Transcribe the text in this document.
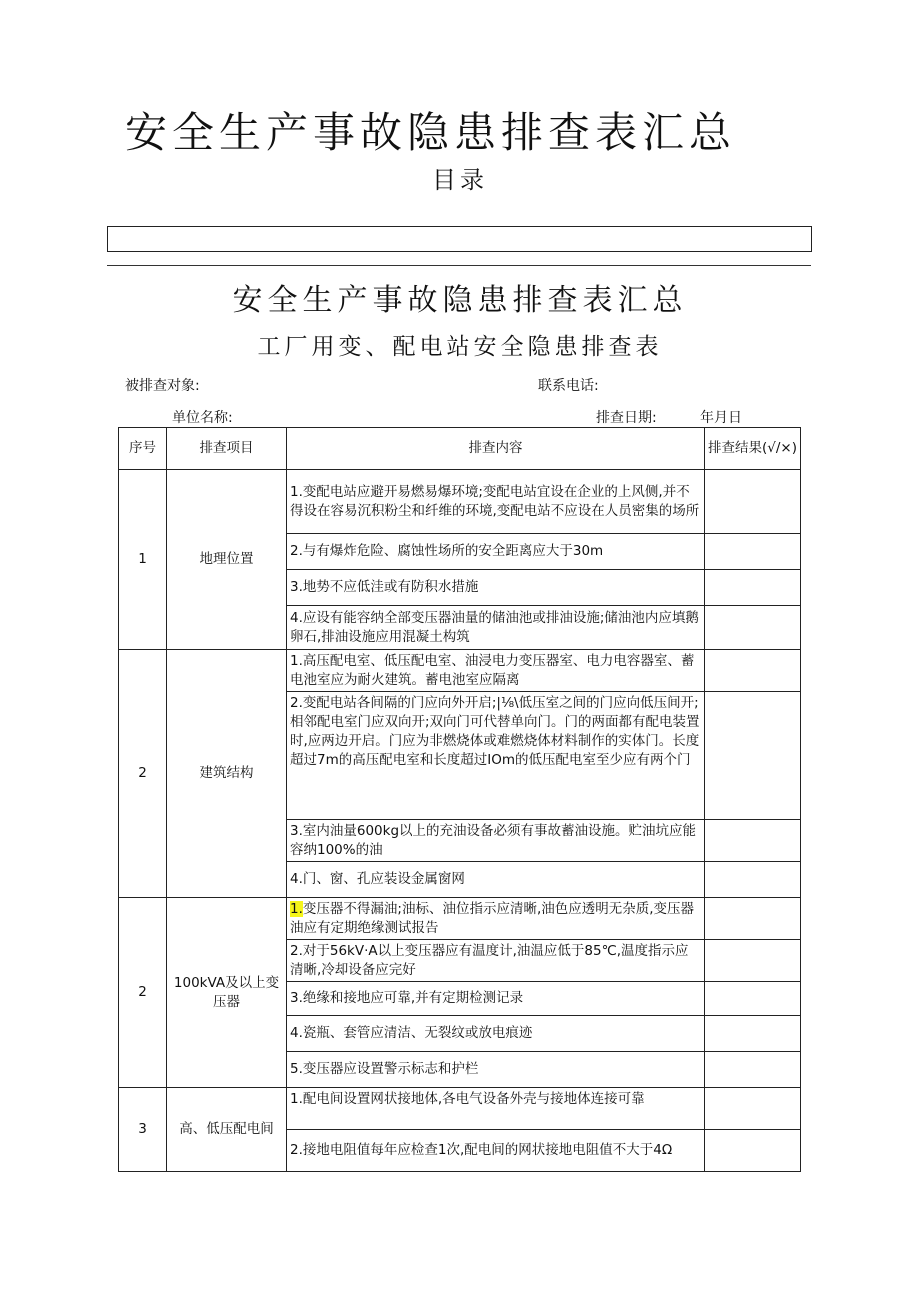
安全生产事故隐患排查表汇总
目录
安全生产事故隐患排查表汇总
工厂用变、配电站安全隐患排查表
被排查对象:	联系电话:
单位名称:	排查日期:	年月日
序号	排查项目	排查内容	排查结果(√/×)
1	地理位置	1.变配电站应避开易燃易爆环境;变配电站宜设在企业的上风侧,并不得设在容易沉积粉尘和纤维的环境,变配电站不应设在人员密集的场所	
		2.与有爆炸危险、腐蚀性场所的安全距离应大于30m	
		3.地势不应低洼或有防积水措施	
		4.应设有能容纳全部变压器油量的储油池或排油设施;储油池内应填鹅卵石,排油设施应用混凝土构筑	
2	建筑结构	1.高压配电室、低压配电室、油浸电力变压器室、电力电容器室、蓄电池室应为耐火建筑。蓄电池室应隔离	
		2.变配电站各间隔的门应向外开启;|⅛\低压室之间的门应向低压间开;相邻配电室门应双向开;双向门可代替单向门。门的两面都有配电装置时,应两边开启。门应为非燃烧体或难燃烧体材料制作的实体门。长度超过7m的高压配电室和长度超过IOm的低压配电室至少应有两个门	
		3.室内油量600kg以上的充油设备必须有事故蓄油设施。贮油坑应能容纳100%的油	
		4.门、窗、孔应装设金属窗网	
2	100kVA及以上变压器	1.变压器不得漏油;油标、油位指示应清晰,油色应透明无杂质,变压器油应有定期绝缘测试报告	
		2.对于56kV·A以上变压器应有温度计,油温应低于85℃,温度指示应清晰,冷却设备应完好	
		3.绝缘和接地应可靠,并有定期检测记录	
		4.瓷瓶、套管应清洁、无裂纹或放电痕迹	
		5.变压器应设置警示标志和护栏	
3	高、低压配电间	1.配电间设置网状接地体,各电气设备外壳与接地体连接可靠	
		2.接地电阻值每年应检查1次,配电间的网状接地电阻值不大于4Ω	
